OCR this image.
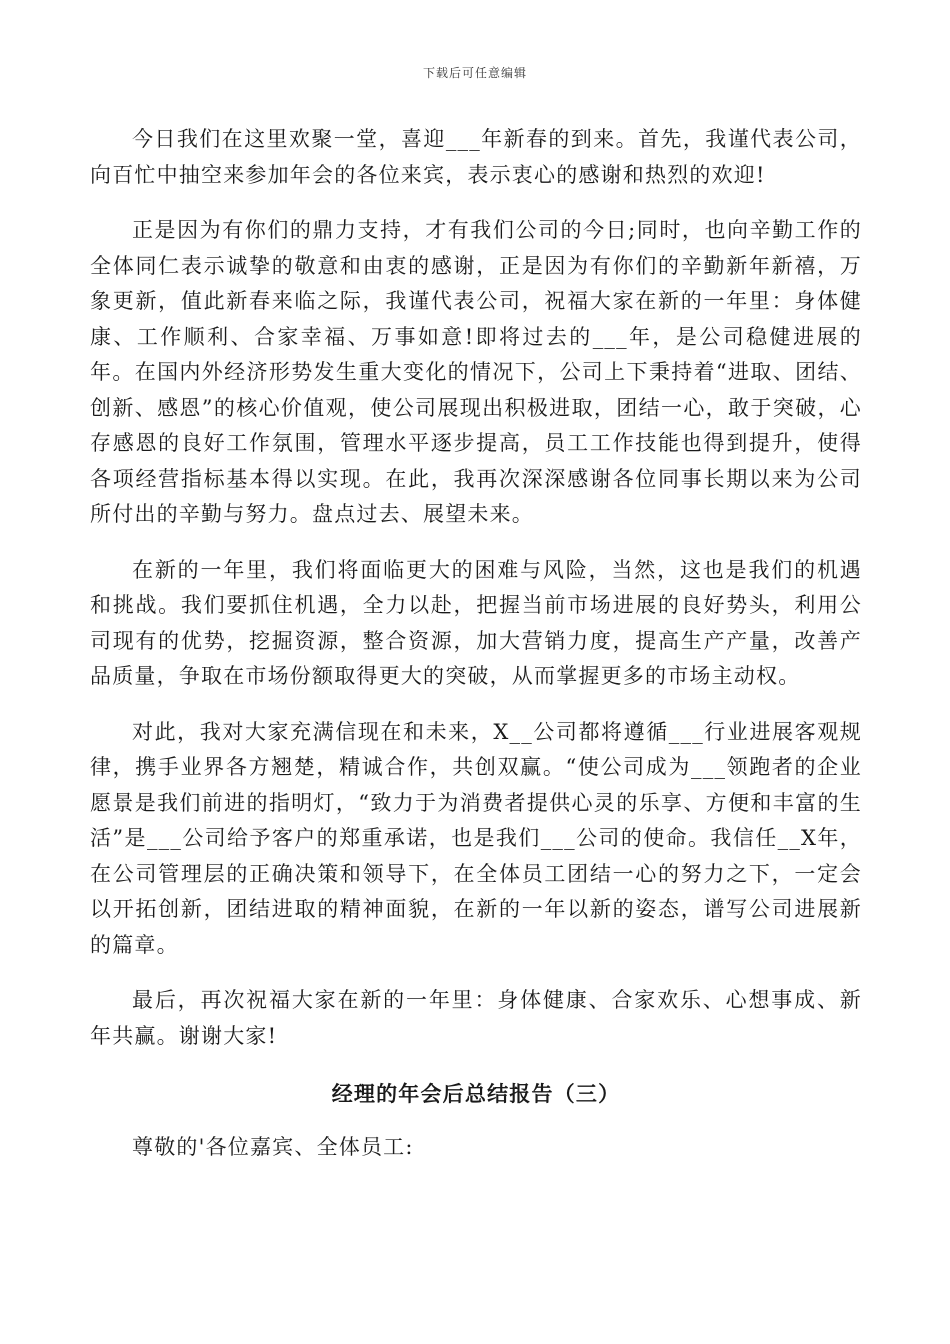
下载后可任意编辑

今日我们在这里欢聚一堂，喜迎___年新春的到来。首先，我谨代表公司，向百忙中抽空来参加年会的各位来宾，表示衷心的感谢和热烈的欢迎!

正是因为有你们的鼎力支持，才有我们公司的今日;同时，也向辛勤工作的全体同仁表示诚挚的敬意和由衷的感谢，正是因为有你们的辛勤新年新禧，万象更新，值此新春来临之际，我谨代表公司，祝福大家在新的一年里：身体健康、工作顺利、合家幸福、万事如意!即将过去的___年，是公司稳健进展的年。在国内外经济形势发生重大变化的情况下，公司上下秉持着“进取、团结、创新、感恩”的核心价值观，使公司展现出积极进取，团结一心，敢于突破，心存感恩的良好工作氛围，管理水平逐步提高，员工工作技能也得到提升，使得各项经营指标基本得以实现。在此，我再次深深感谢各位同事长期以来为公司所付出的辛勤与努力。盘点过去、展望未来。

在新的一年里，我们将面临更大的困难与风险，当然，这也是我们的机遇和挑战。我们要抓住机遇，全力以赴，把握当前市场进展的良好势头，利用公司现有的优势，挖掘资源，整合资源，加大营销力度，提高生产产量，改善产品质量，争取在市场份额取得更大的突破，从而掌握更多的市场主动权。

对此，我对大家充满信现在和未来，X__公司都将遵循___行业进展客观规律，携手业界各方翘楚，精诚合作，共创双赢。“使公司成为___领跑者的企业愿景是我们前进的指明灯，“致力于为消费者提供心灵的乐享、方便和丰富的生活”是___公司给予客户的郑重承诺，也是我们___公司的使命。我信任__X年，在公司管理层的正确决策和领导下，在全体员工团结一心的努力之下，一定会以开拓创新，团结进取的精神面貌，在新的一年以新的姿态，谱写公司进展新的篇章。

最后，再次祝福大家在新的一年里：身体健康、合家欢乐、心想事成、新年共赢。谢谢大家!

经理的年会后总结报告（三）

尊敬的'各位嘉宾、全体员工:
